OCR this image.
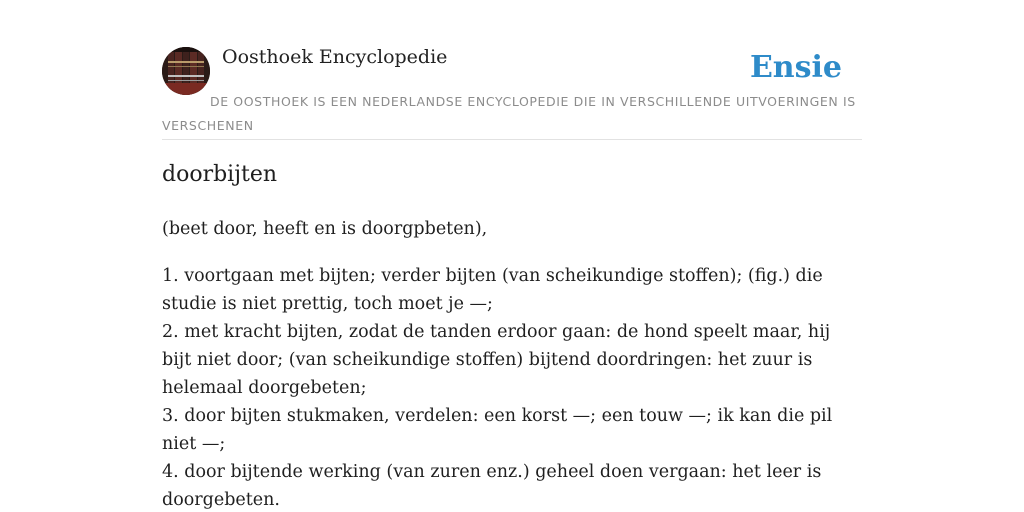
Oosthoek Encyclopedie	Ensie

DE OOSTHOEK IS EEN NEDERLANDSE ENCYCLOPEDIE DIE IN VERSCHILLENDE UITVOERINGEN IS VERSCHENEN

doorbijten

(beet door, heeft en is doorgpbeten),

1. voortgaan met bijten; verder bijten (van scheikundige stoffen); (fig.) die studie is niet prettig, toch moet je —;
2. met kracht bijten, zodat de tanden erdoor gaan: de hond speelt maar, hij bijt niet door; (van scheikundige stoffen) bijtend doordringen: het zuur is helemaal doorgebeten;
3. door bijten stukmaken, verdelen: een korst —; een touw —; ik kan die pil niet —;
4. door bijtende werking (van zuren enz.) geheel doen vergaan: het leer is doorgebeten.
